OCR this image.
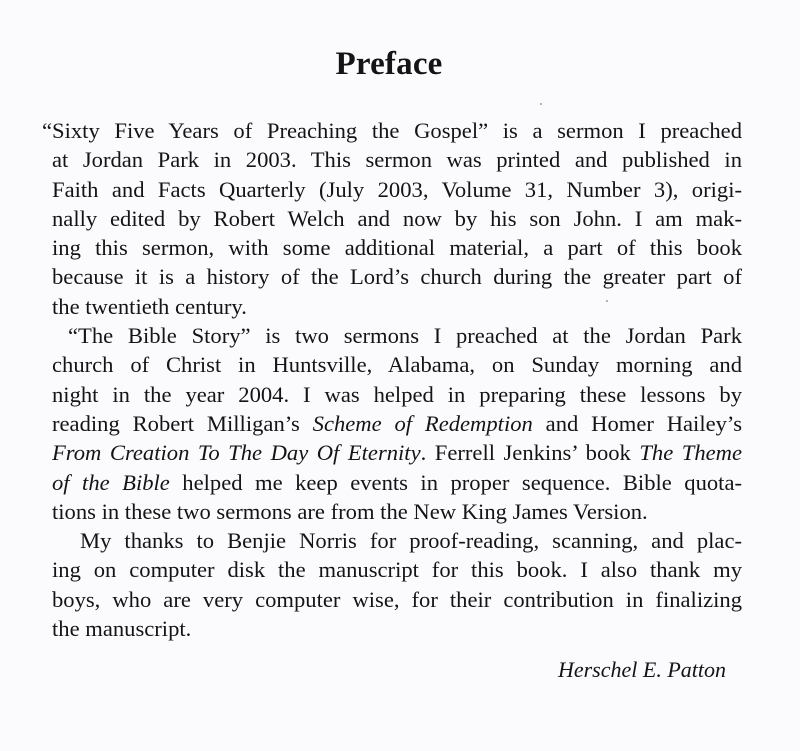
Preface
“Sixty Five Years of Preaching the Gospel” is a sermon I preached
at Jordan Park in 2003. This sermon was printed and published in
Faith and Facts Quarterly (July 2003, Volume 31, Number 3), origi-
nally edited by Robert Welch and now by his son John. I am mak-
ing this sermon, with some additional material, a part of this book
because it is a history of the Lord’s church during the greater part of
the twentieth century.
“The Bible Story” is two sermons I preached at the Jordan Park
church of Christ in Huntsville, Alabama, on Sunday morning and
night in the year 2004. I was helped in preparing these lessons by
reading Robert Milligan’s Scheme of Redemption and Homer Hailey’s
From Creation To The Day Of Eternity. Ferrell Jenkins’ book The Theme
of the Bible helped me keep events in proper sequence. Bible quota-
tions in these two sermons are from the New King James Version.
My thanks to Benjie Norris for proof-reading, scanning, and plac-
ing on computer disk the manuscript for this book. I also thank my
boys, who are very computer wise, for their contribution in finalizing
the manuscript.
Herschel E. Patton
